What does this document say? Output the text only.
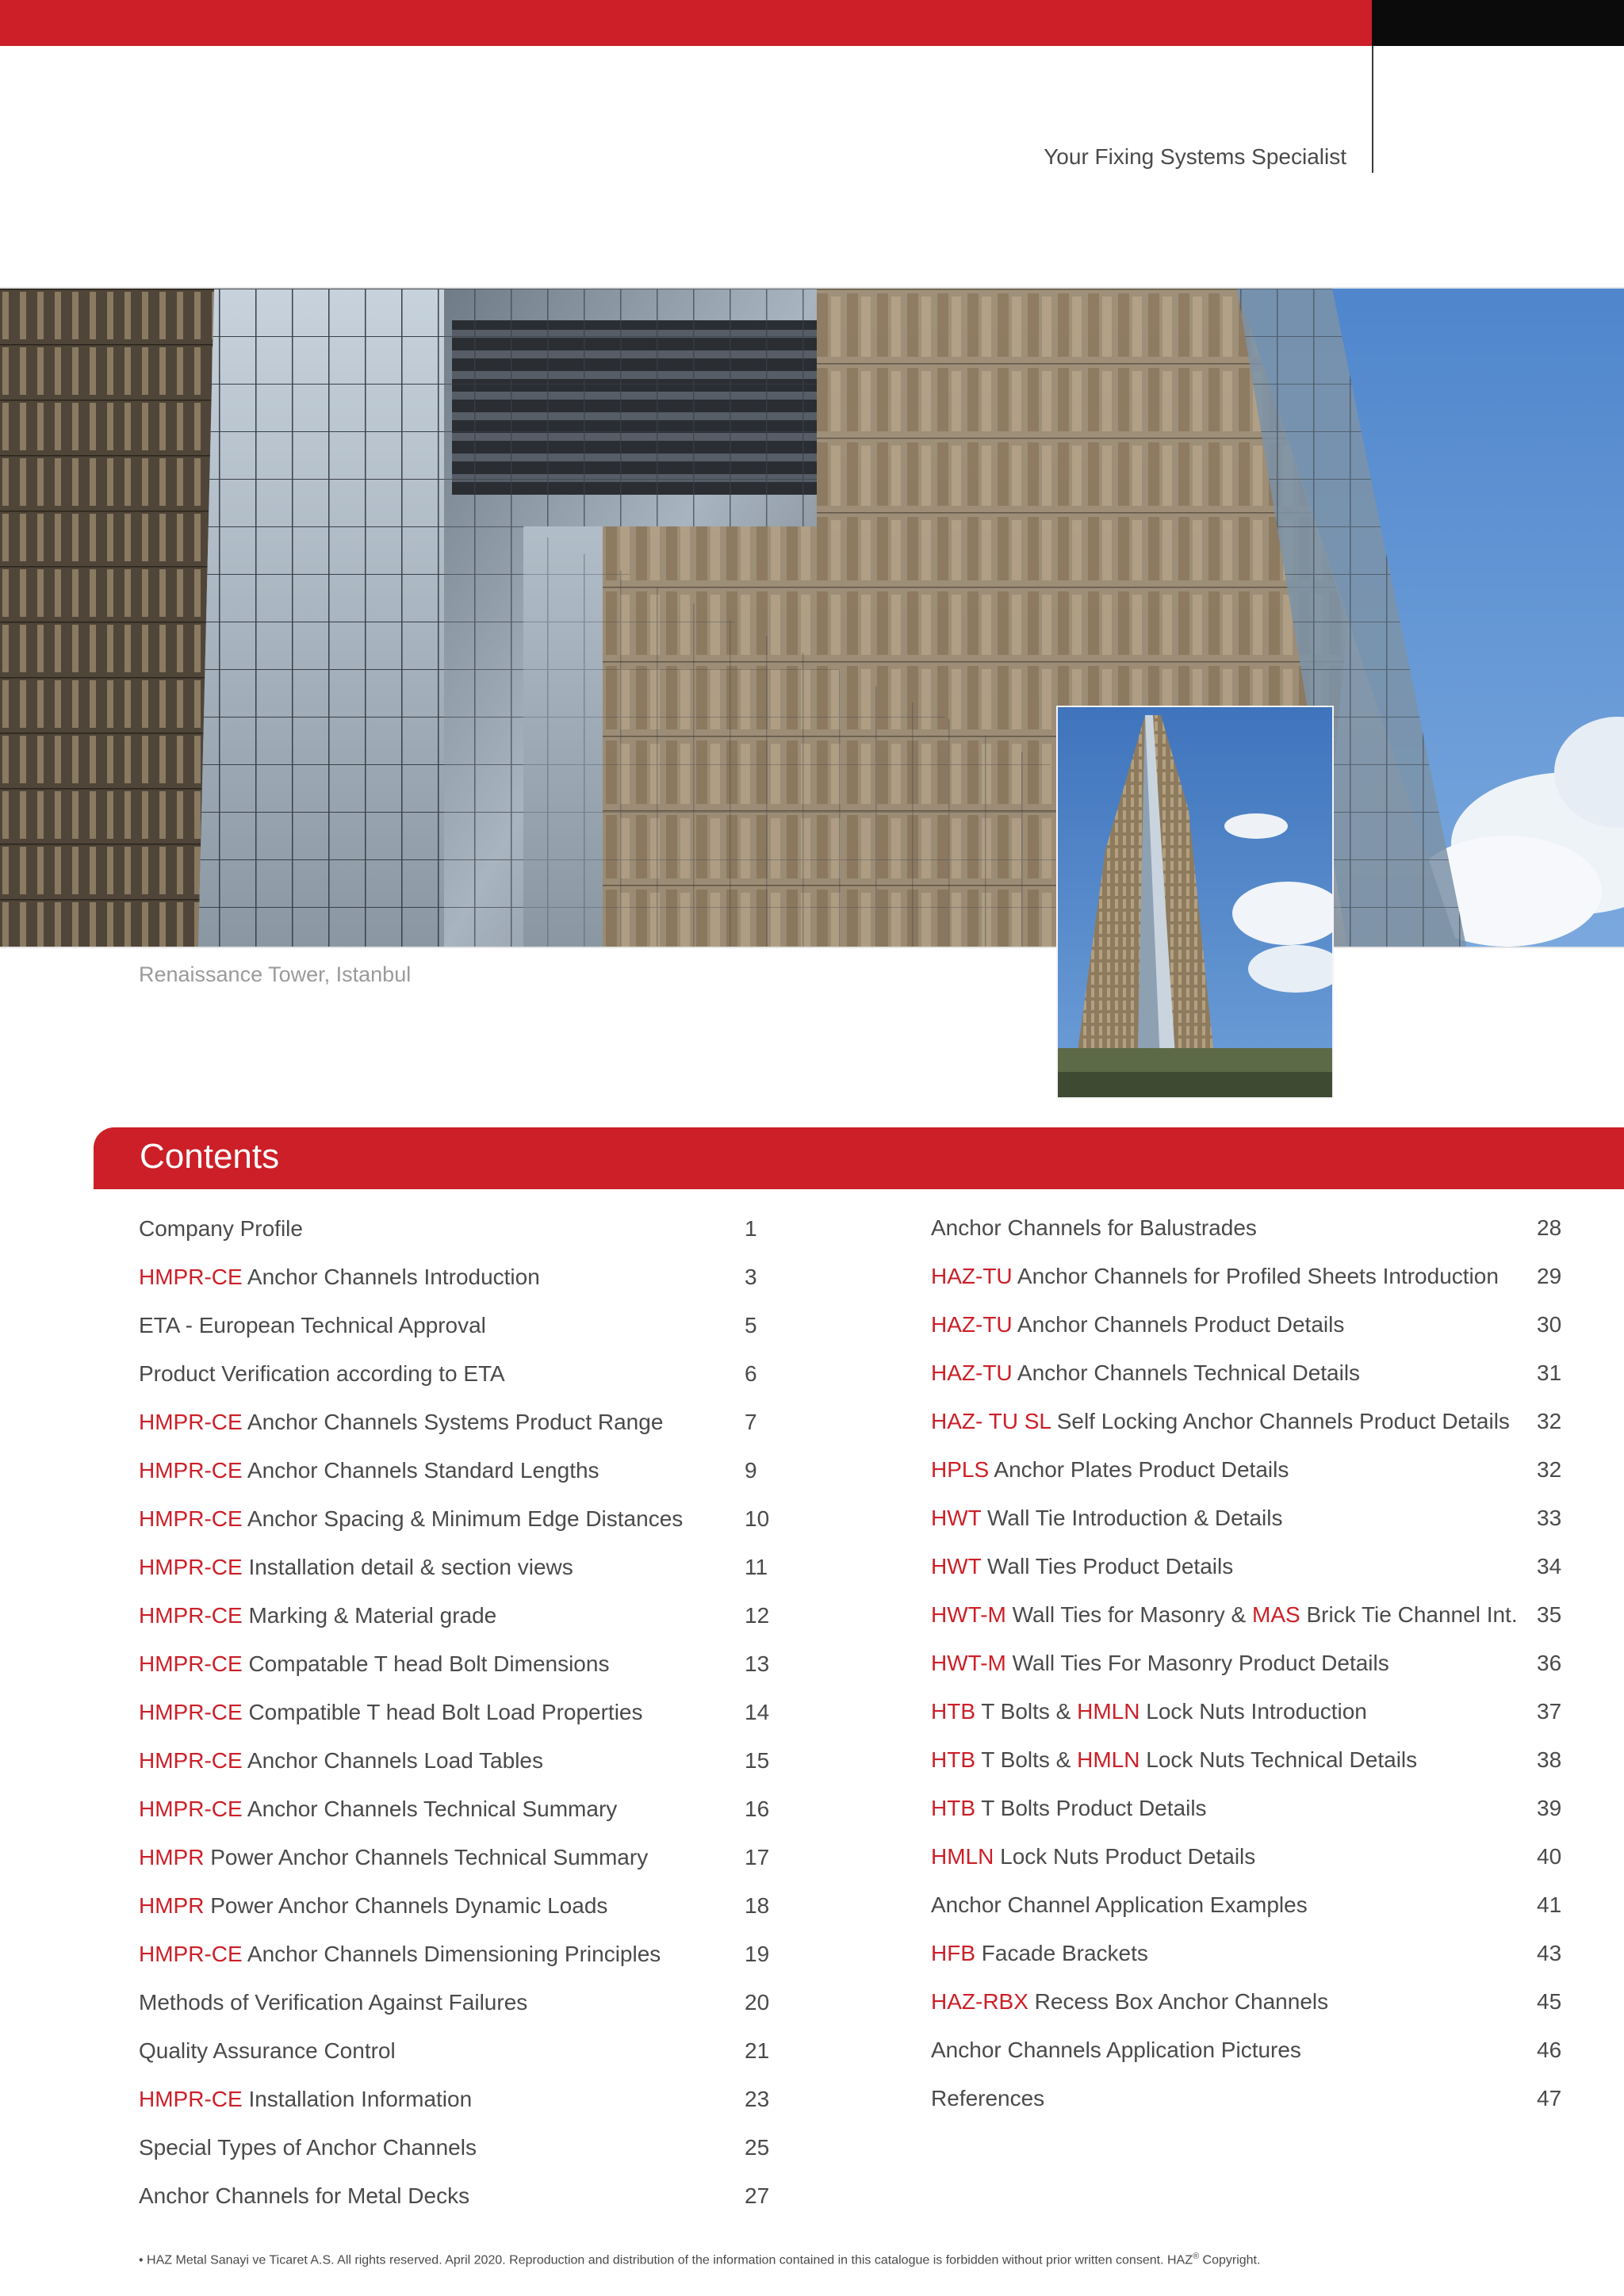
Your Fixing Systems Specialist
Renaissance Tower, Istanbul
Contents
Company Profile	1
HMPR-CE Anchor Channels Introduction	3
ETA - European Technical Approval	5
Product Verification according to ETA	6
HMPR-CE Anchor Channels Systems Product Range	7
HMPR-CE Anchor Channels Standard Lengths	9
HMPR-CE Anchor Spacing & Minimum Edge Distances	10
HMPR-CE Installation detail & section views	11
HMPR-CE Marking & Material grade	12
HMPR-CE Compatable T head Bolt Dimensions	13
HMPR-CE Compatible T head Bolt Load Properties	14
HMPR-CE Anchor Channels Load Tables	15
HMPR-CE Anchor Channels Technical Summary	16
HMPR Power Anchor Channels Technical Summary	17
HMPR Power Anchor Channels Dynamic Loads	18
HMPR-CE Anchor Channels Dimensioning Principles	19
Methods of Verification Against Failures	20
Quality Assurance Control	21
HMPR-CE Installation Information	23
Special Types of Anchor Channels	25
Anchor Channels for Metal Decks	27
Anchor Channels for Balustrades	28
HAZ-TU Anchor Channels for Profiled Sheets Introduction 29
HAZ-TU Anchor Channels Product Details	30
HAZ-TU Anchor Channels Technical Details	31
HAZ- TU SL Self Locking Anchor Channels Product Details 32
HPLS Anchor Plates Product Details	32
HWT Wall Tie Introduction & Details	33
HWT Wall Ties Product Details	34
HWT-M Wall Ties for Masonry & MAS Brick Tie Channel Int. 35
HWT-M Wall Ties For Masonry Product Details	36
HTB T Bolts & HMLN Lock Nuts Introduction	37
HTB T Bolts & HMLN Lock Nuts Technical Details	38
HTB T Bolts Product Details	39
HMLN Lock Nuts Product Details	40
Anchor Channel Application Examples	41
HFB Facade Brackets	43
HAZ-RBX Recess Box Anchor Channels	45
Anchor Channels Application Pictures	46
References	47
• HAZ Metal Sanayi ve Ticaret A.S. All rights reserved. April 2020. Reproduction and distribution of the information contained in this catalogue is forbidden without prior written consent. HAZ® Copyright.
